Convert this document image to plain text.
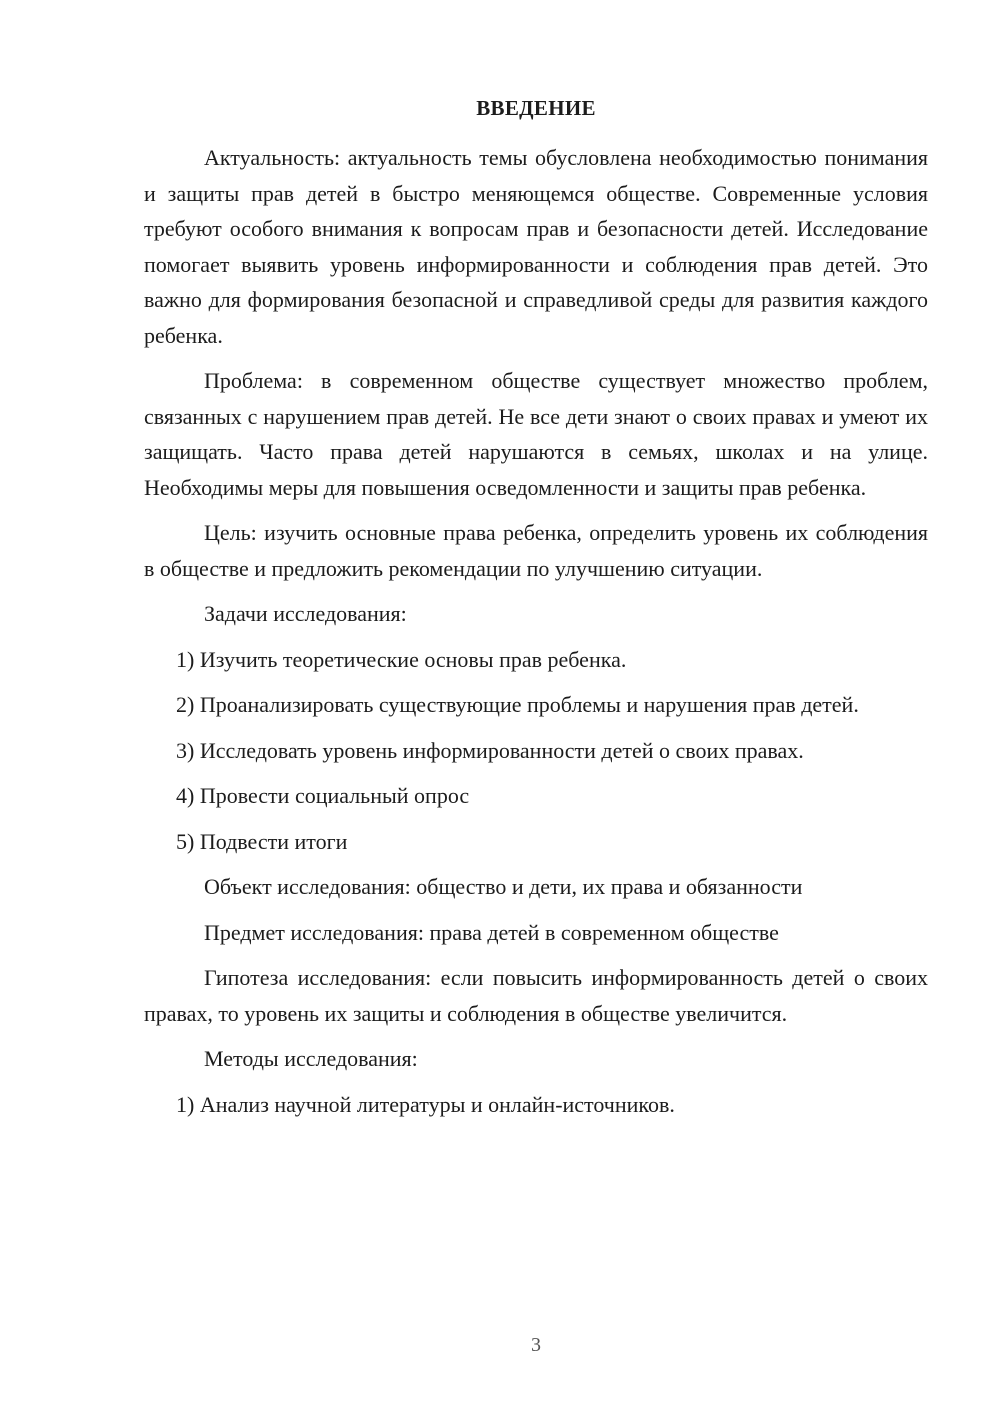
ВВЕДЕНИЕ

Актуальность: актуальность темы обусловлена необходимостью понимания и защиты прав детей в быстро меняющемся обществе. Современные условия требуют особого внимания к вопросам прав и безопасности детей. Исследование помогает выявить уровень информированности и соблюдения прав детей. Это важно для формирования безопасной и справедливой среды для развития каждого ребенка.

Проблема: в современном обществе существует множество проблем, связанных с нарушением прав детей. Не все дети знают о своих правах и умеют их защищать. Часто права детей нарушаются в семьях, школах и на улице. Необходимы меры для повышения осведомленности и защиты прав ребенка.

Цель: изучить основные права ребенка, определить уровень их соблюдения в обществе и предложить рекомендации по улучшению ситуации.

Задачи исследования:

1) Изучить теоретические основы прав ребенка.

2) Проанализировать существующие проблемы и нарушения прав детей.

3) Исследовать уровень информированности детей о своих правах.

4) Провести социальный опрос

5) Подвести итоги

Объект исследования: общество и дети, их права и обязанности

Предмет исследования: права детей в современном обществе

Гипотеза исследования: если повысить информированность детей о своих правах, то уровень их защиты и соблюдения в обществе увеличится.

Методы исследования:

1) Анализ научной литературы и онлайн-источников.

3
